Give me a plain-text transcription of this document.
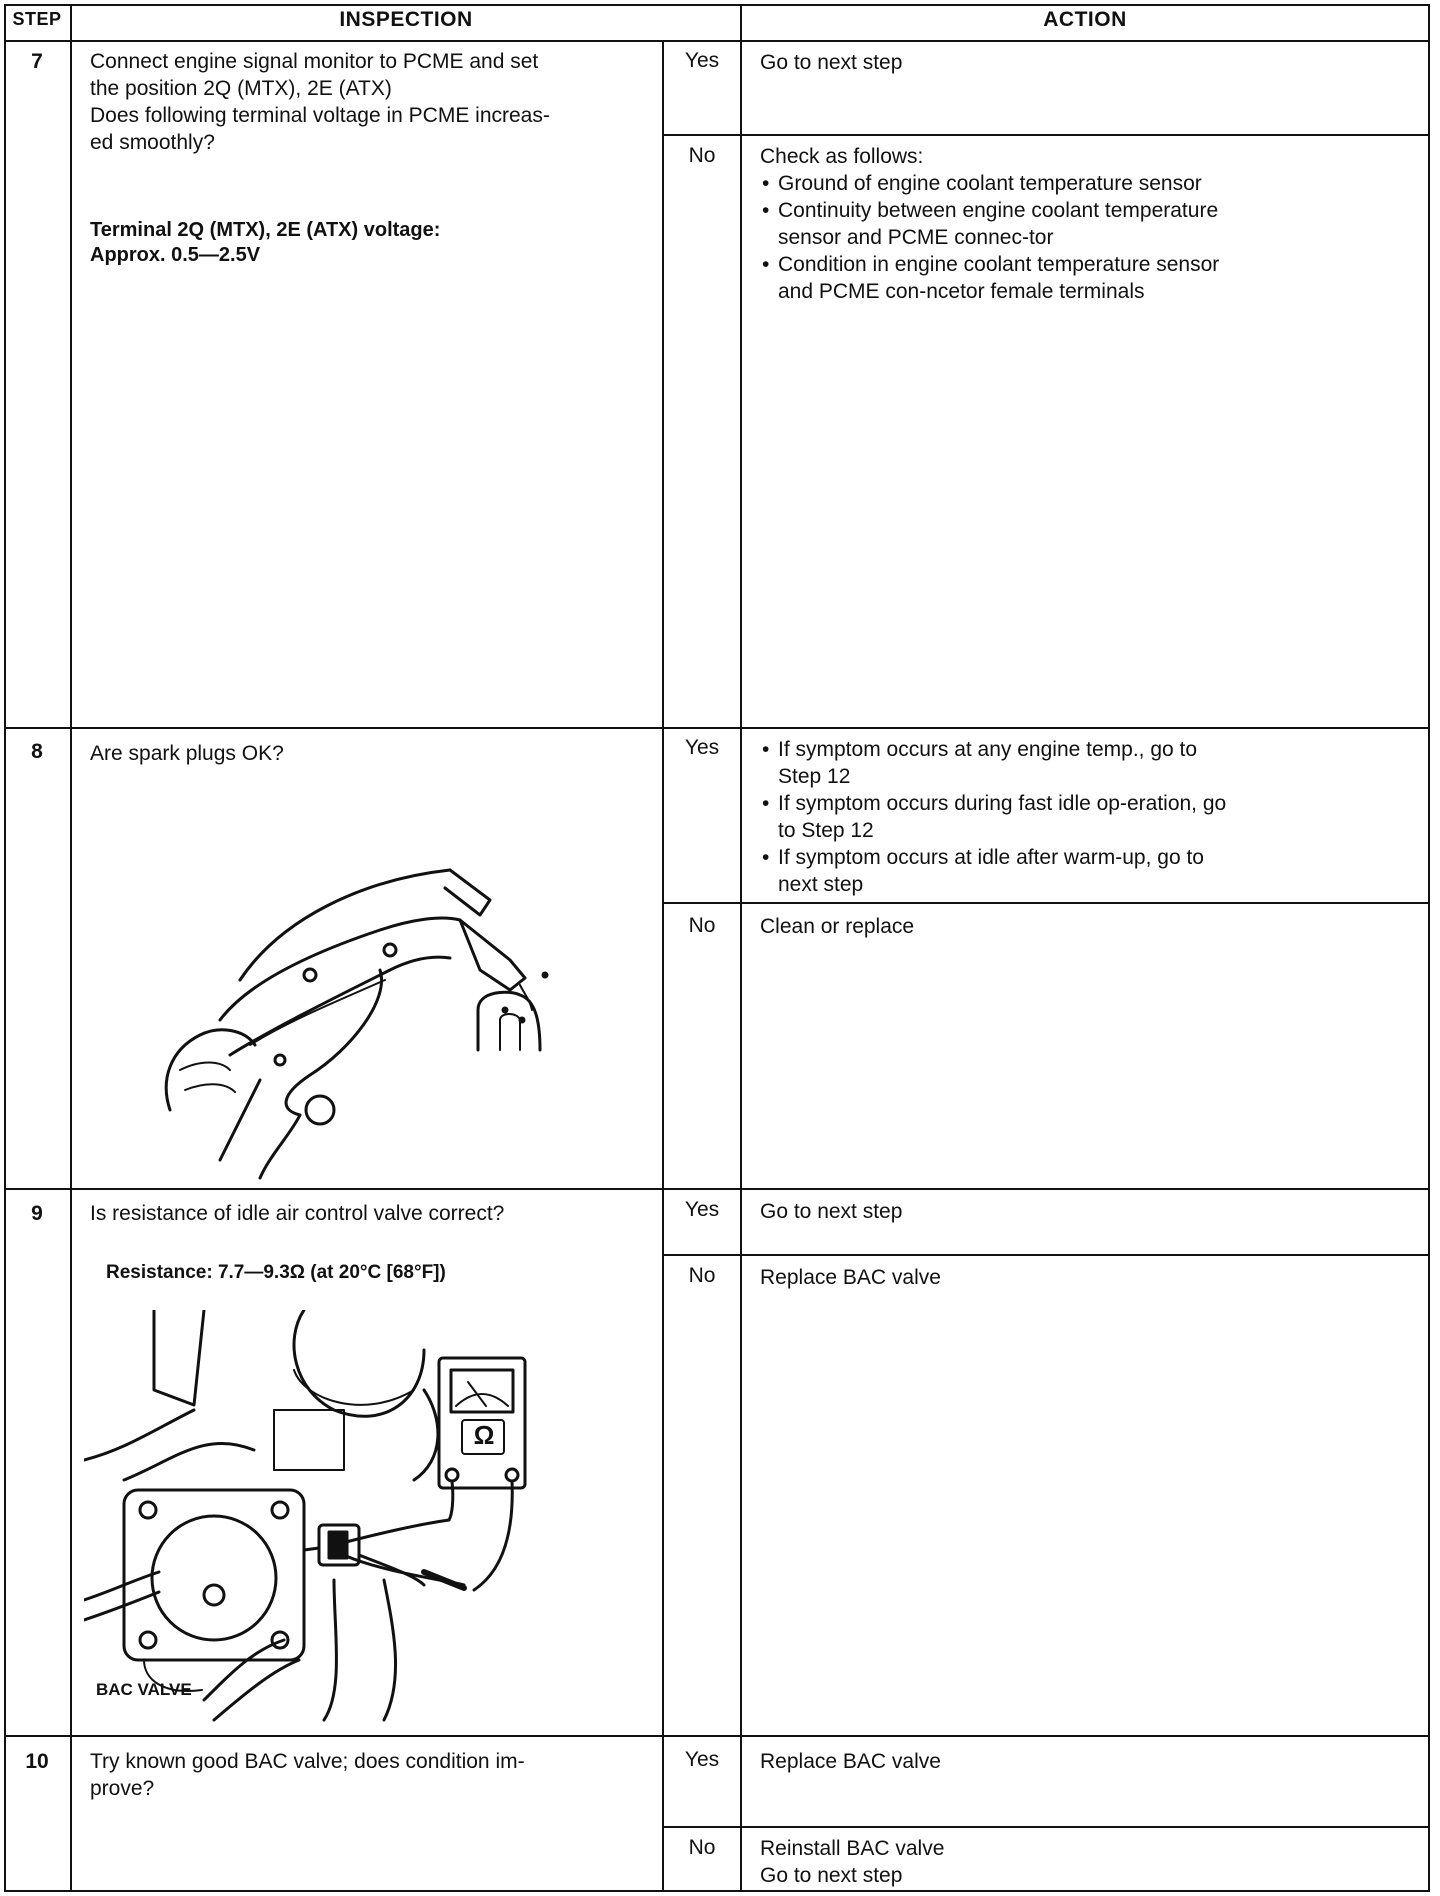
STEP	INSPECTION	ACTION
7	Connect engine signal monitor to PCME and set
the position 2Q (MTX), 2E (ATX)
Does following terminal voltage in PCME increas-
ed smoothly?
Terminal 2Q (MTX), 2E (ATX) voltage:
Approx. 0.5—2.5V
Yes	Go to next step
No	Check as follows:
• Ground of engine coolant temperature sensor
• Continuity between engine coolant temperature sensor and PCME connec-tor
• Condition in engine coolant temperature sensor and PCME con-ncetor female terminals
8	Are spark plugs OK?	Yes
•	If symptom occurs at any engine temp., go to Step 12
• If symptom occurs during fast idle op-eration, go to Step 12
• If symptom occurs at idle after warm-up, go to next step
No	Clean or replace
9	Is resistance of idle air control valve correct?
Resistance: 7.7—9.3Ω (at 20°C [68°F])
Ω
BAC VALVE
Yes	Go to next step
No	Replace BAC valve
10	Try known good BAC valve; does condition im-
prove?
Yes	Replace BAC valve
No	Reinstall BAC valve
Go to next step
